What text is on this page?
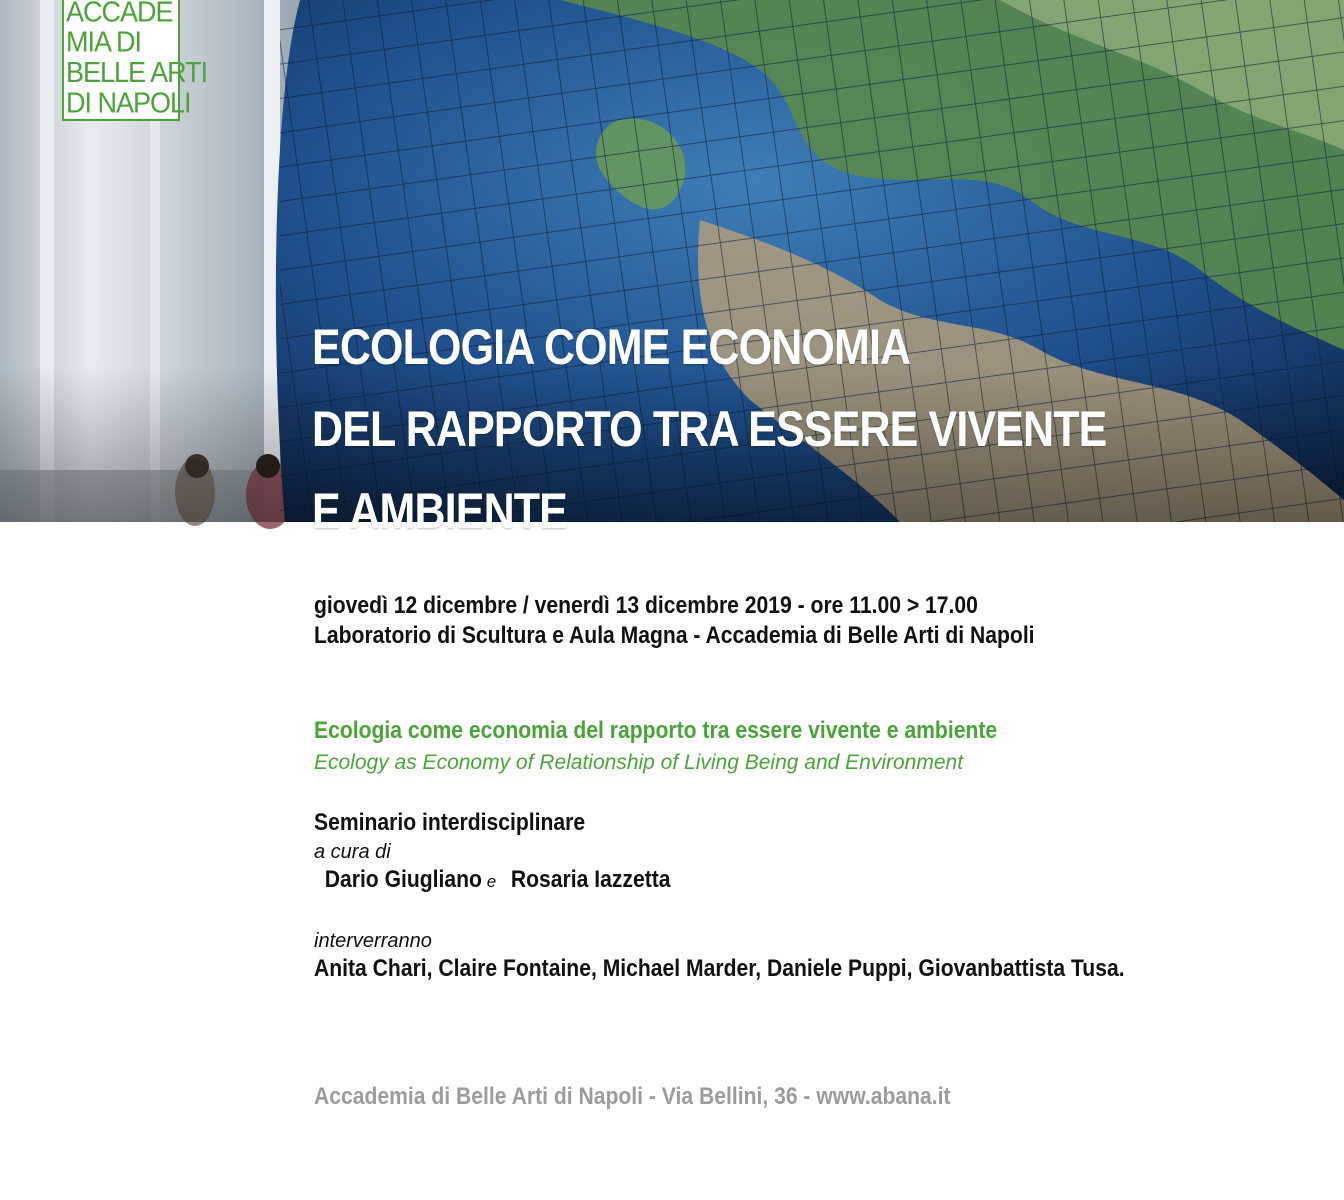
ACCADE
MIA DI
BELLE ARTI
DI NAPOLI
ECOLOGIA COME ECONOMIA
DEL RAPPORTO TRA ESSERE VIVENTE
E AMBIENTE
giovedì 12 dicembre / venerdì 13 dicembre 2019 - ore 11.00 > 17.00
Laboratorio di Scultura e Aula Magna - Accademia di Belle Arti di Napoli
Ecologia come economia del rapporto tra essere vivente e ambiente
Ecology as Economy of Relationship of Living Being and Environment
Seminario interdisciplinare
a cura di
Dario Giugliano e Rosaria Iazzetta
interverranno
Anita Chari, Claire Fontaine, Michael Marder, Daniele Puppi, Giovanbattista Tusa.
Accademia di Belle Arti di Napoli - Via Bellini, 36 - www.abana.it
